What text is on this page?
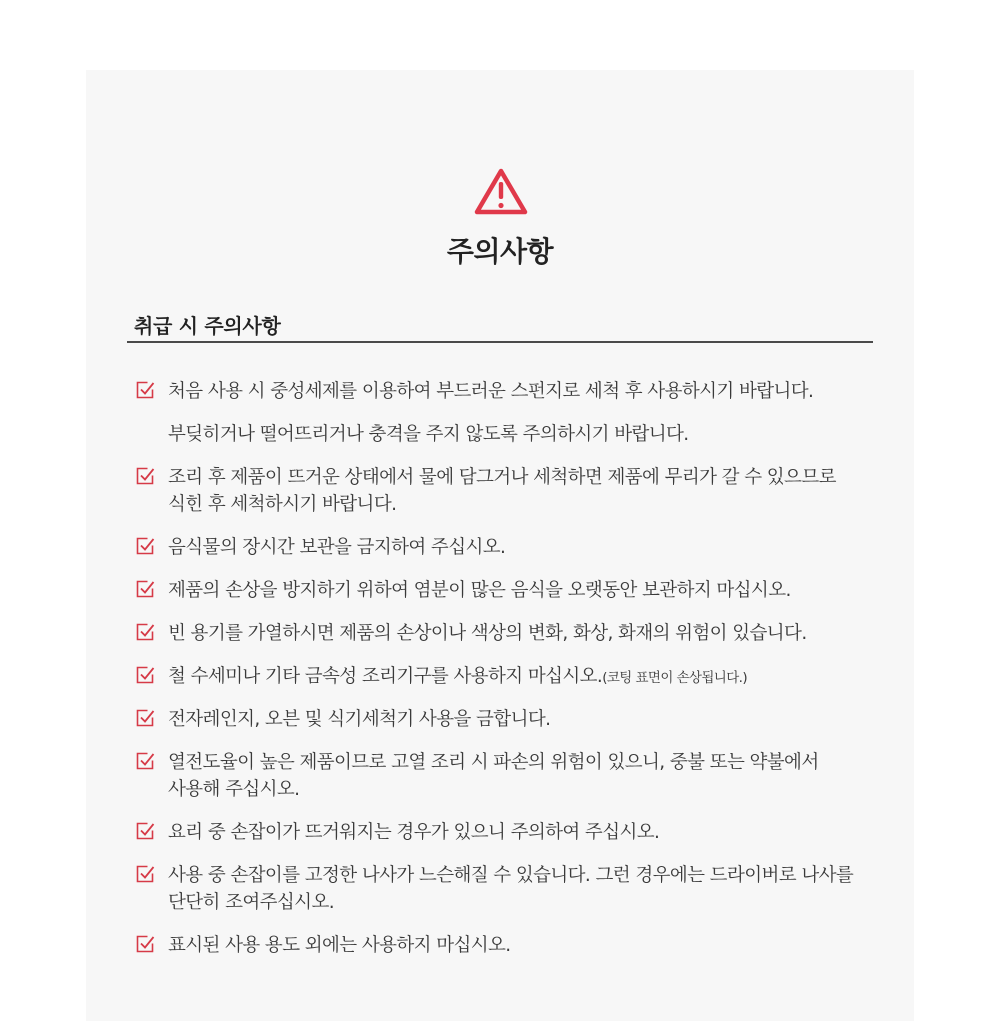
주의사항
취급 시 주의사항
처음 사용 시 중성세제를 이용하여 부드러운 스펀지로 세척 후 사용하시기 바랍니다.
부딪히거나 떨어뜨리거나 충격을 주지 않도록 주의하시기 바랍니다.
조리 후 제품이 뜨거운 상태에서 물에 담그거나 세척하면 제품에 무리가 갈 수 있으므로
식힌 후 세척하시기 바랍니다.
음식물의 장시간 보관을 금지하여 주십시오.
제품의 손상을 방지하기 위하여 염분이 많은 음식을 오랫동안 보관하지 마십시오.
빈 용기를 가열하시면 제품의 손상이나 색상의 변화, 화상, 화재의 위험이 있습니다.
철 수세미나 기타 금속성 조리기구를 사용하지 마십시오.(코팅 표면이 손상됩니다.)
전자레인지, 오븐 및 식기세척기 사용을 금합니다.
열전도율이 높은 제품이므로 고열 조리 시 파손의 위험이 있으니, 중불 또는 약불에서
사용해 주십시오.
요리 중 손잡이가 뜨거워지는 경우가 있으니 주의하여 주십시오.
사용 중 손잡이를 고정한 나사가 느슨해질 수 있습니다. 그런 경우에는 드라이버로 나사를
단단히 조여주십시오.
표시된 사용 용도 외에는 사용하지 마십시오.
